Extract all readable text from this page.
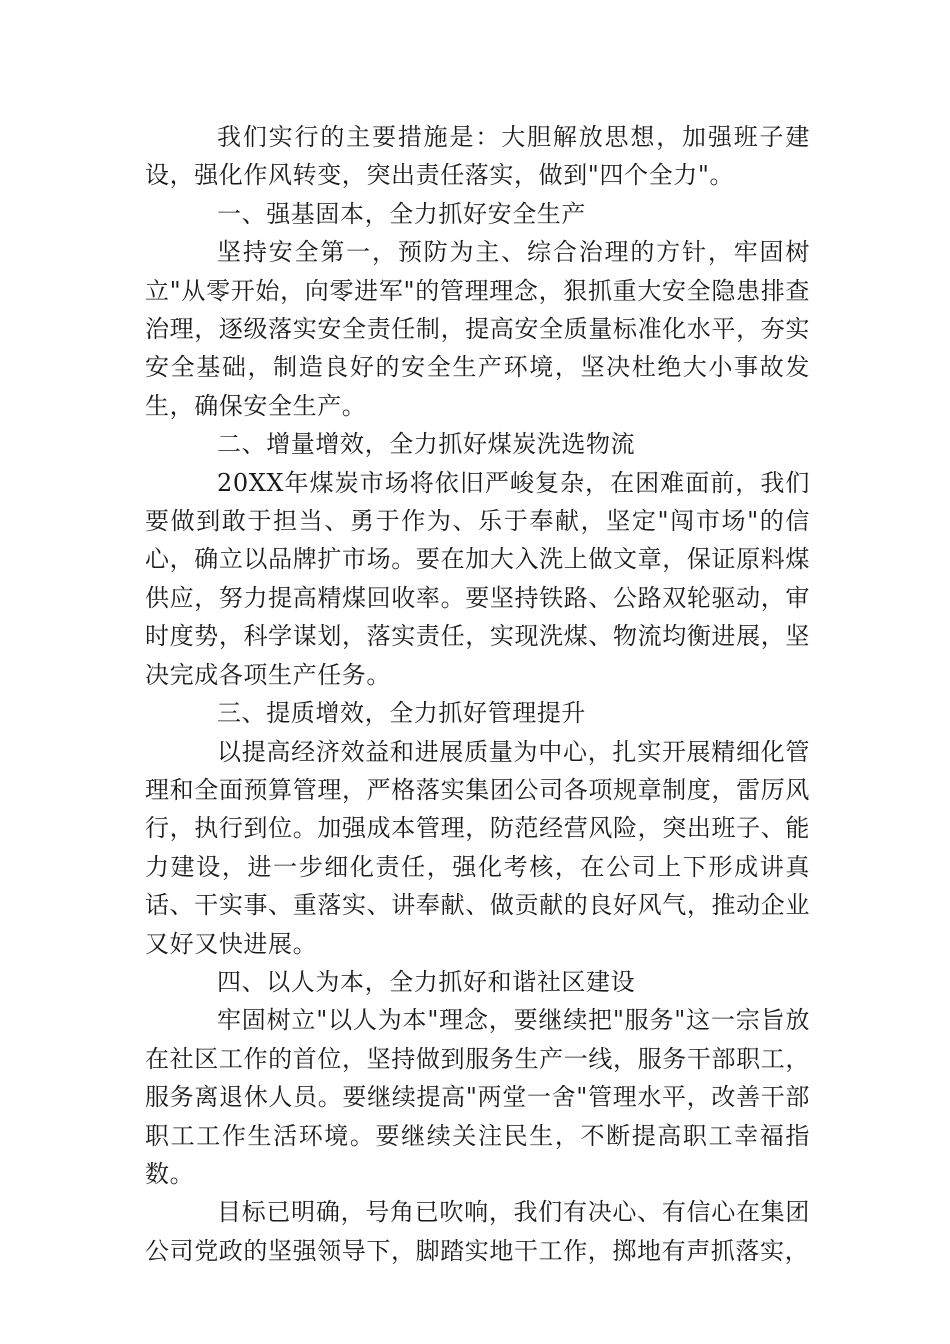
我们实行的主要措施是：大胆解放思想，加强班子建设，强化作风转变，突出责任落实，做到"四个全力"。

一、强基固本，全力抓好安全生产

坚持安全第一，预防为主、综合治理的方针，牢固树立"从零开始，向零进军"的管理理念，狠抓重大安全隐患排查治理，逐级落实安全责任制，提高安全质量标准化水平，夯实安全基础，制造良好的安全生产环境，坚决杜绝大小事故发生，确保安全生产。

二、增量增效，全力抓好煤炭洗选物流

20XX年煤炭市场将依旧严峻复杂，在困难面前，我们要做到敢于担当、勇于作为、乐于奉献，坚定"闯市场"的信心，确立以品牌扩市场。要在加大入洗上做文章，保证原料煤供应，努力提高精煤回收率。要坚持铁路、公路双轮驱动，审时度势，科学谋划，落实责任，实现洗煤、物流均衡进展，坚决完成各项生产任务。

三、提质增效，全力抓好管理提升

以提高经济效益和进展质量为中心，扎实开展精细化管理和全面预算管理，严格落实集团公司各项规章制度，雷厉风行，执行到位。加强成本管理，防范经营风险，突出班子、能力建设，进一步细化责任，强化考核，在公司上下形成讲真话、干实事、重落实、讲奉献、做贡献的良好风气，推动企业又好又快进展。

四、以人为本，全力抓好和谐社区建设

牢固树立"以人为本"理念，要继续把"服务"这一宗旨放在社区工作的首位，坚持做到服务生产一线，服务干部职工，服务离退休人员。要继续提高"两堂一舍"管理水平，改善干部职工工作生活环境。要继续关注民生，不断提高职工幸福指数。

目标已明确，号角已吹响，我们有决心、有信心在集团公司党政的坚强领导下，脚踏实地干工作，掷地有声抓落实，
